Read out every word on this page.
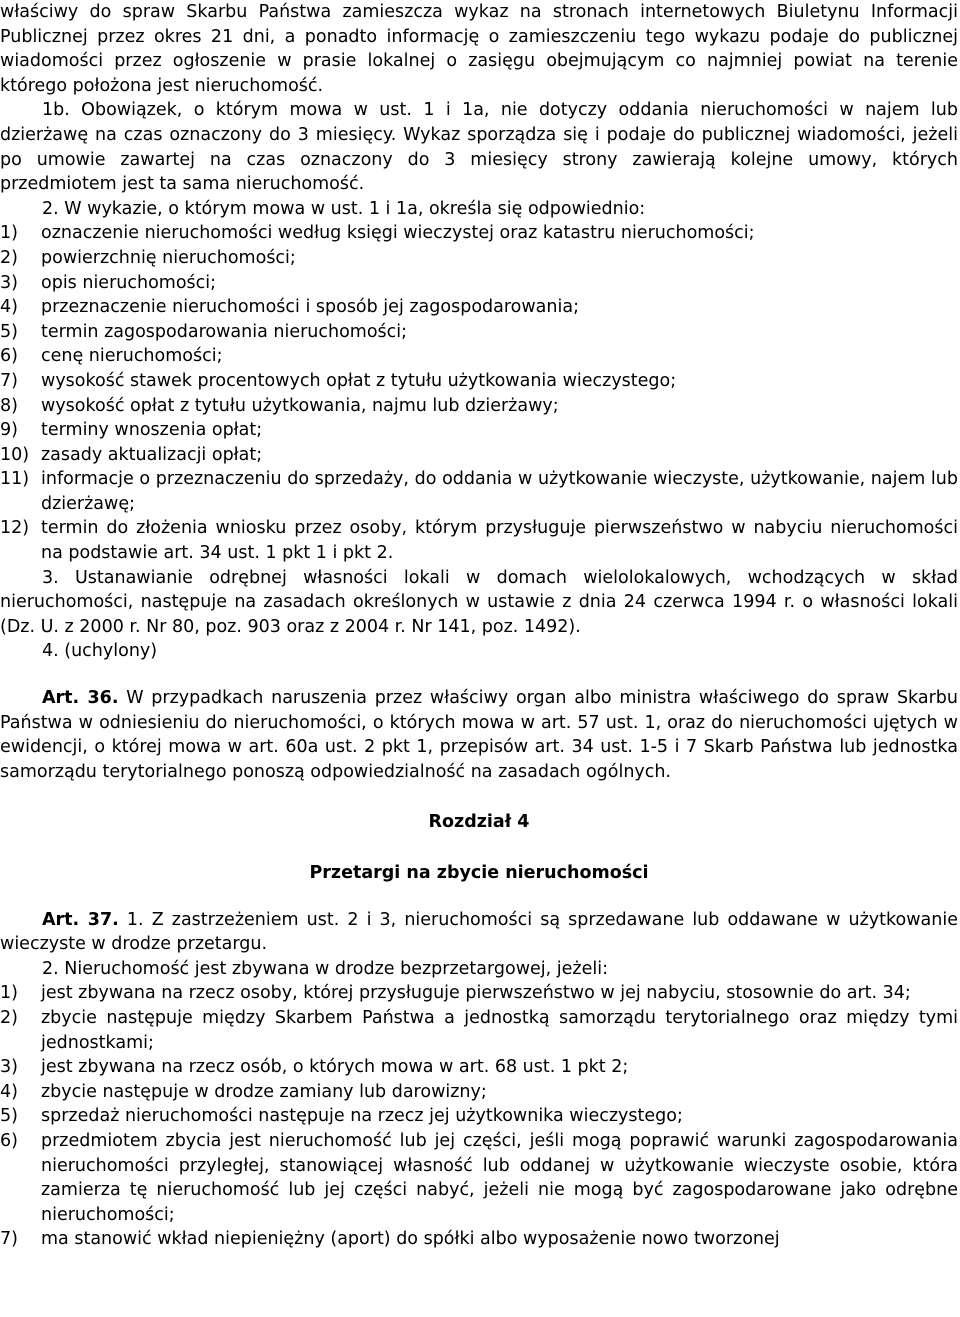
właściwy do spraw Skarbu Państwa zamieszcza wykaz na stronach internetowych Biuletynu Informacji Publicznej przez okres 21 dni, a ponadto informację o zamieszczeniu tego wykazu podaje do publicznej wiadomości przez ogłoszenie w prasie lokalnej o zasięgu obejmującym co najmniej powiat na terenie którego położona jest nieruchomość.

1b. Obowiązek, o którym mowa w ust. 1 i 1a, nie dotyczy oddania nieruchomości w najem lub dzierżawę na czas oznaczony do 3 miesięcy. Wykaz sporządza się i podaje do publicznej wiadomości, jeżeli po umowie zawartej na czas oznaczony do 3 miesięcy strony zawierają kolejne umowy, których przedmiotem jest ta sama nieruchomość.

2. W wykazie, o którym mowa w ust. 1 i 1a, określa się odpowiednio:

1)	oznaczenie nieruchomości według księgi wieczystej oraz katastru nieruchomości;
2)	powierzchnię nieruchomości;
3)	opis nieruchomości;
4)	przeznaczenie nieruchomości i sposób jej zagospodarowania;
5)	termin zagospodarowania nieruchomości;
6)	cenę nieruchomości;
7)	wysokość stawek procentowych opłat z tytułu użytkowania wieczystego;
8)	wysokość opłat z tytułu użytkowania, najmu lub dzierżawy;
9)	terminy wnoszenia opłat;
10) zasady aktualizacji opłat;
11) informacje o przeznaczeniu do sprzedaży, do oddania w użytkowanie wieczyste, użytkowanie, najem lub dzierżawę;
12) termin do złożenia wniosku przez osoby, którym przysługuje pierwszeństwo w nabyciu nieruchomości na podstawie art. 34 ust. 1 pkt 1 i pkt 2.

3. Ustanawianie odrębnej własności lokali w domach wielolokalowych, wchodzących w skład nieruchomości, następuje na zasadach określonych w ustawie z dnia 24 czerwca 1994 r. o własności lokali (Dz. U. z 2000 r. Nr 80, poz. 903 oraz z 2004 r. Nr 141, poz. 1492).

4. (uchylony)

Art. 36. W przypadkach naruszenia przez właściwy organ albo ministra właściwego do spraw Skarbu Państwa w odniesieniu do nieruchomości, o których mowa w art. 57 ust. 1, oraz do nieruchomości ujętych w ewidencji, o której mowa w art. 60a ust. 2 pkt 1, przepisów art. 34 ust. 1-5 i 7 Skarb Państwa lub jednostka samorządu terytorialnego ponoszą odpowiedzialność na zasadach ogólnych.

Rozdział 4

Przetargi na zbycie nieruchomości

Art. 37. 1. Z zastrzeżeniem ust. 2 i 3, nieruchomości są sprzedawane lub oddawane w użytkowanie wieczyste w drodze przetargu.

2. Nieruchomość jest zbywana w drodze bezprzetargowej, jeżeli:

1)	jest zbywana na rzecz osoby, której przysługuje pierwszeństwo w jej nabyciu, stosownie do art. 34;
2)	zbycie następuje między Skarbem Państwa a jednostką samorządu terytorialnego oraz między tymi jednostkami;
3)	jest zbywana na rzecz osób, o których mowa w art. 68 ust. 1 pkt 2;
4)	zbycie następuje w drodze zamiany lub darowizny;
5)	sprzedaż nieruchomości następuje na rzecz jej użytkownika wieczystego;
6)	przedmiotem zbycia jest nieruchomość lub jej części, jeśli mogą poprawić warunki zagospodarowania nieruchomości przyległej, stanowiącej własność lub oddanej w użytkowanie wieczyste osobie, która zamierza tę nieruchomość lub jej części nabyć, jeżeli nie mogą być zagospodarowane jako odrębne nieruchomości;
7)	ma stanowić wkład niepieniężny (aport) do spółki albo wyposażenie nowo tworzonej
